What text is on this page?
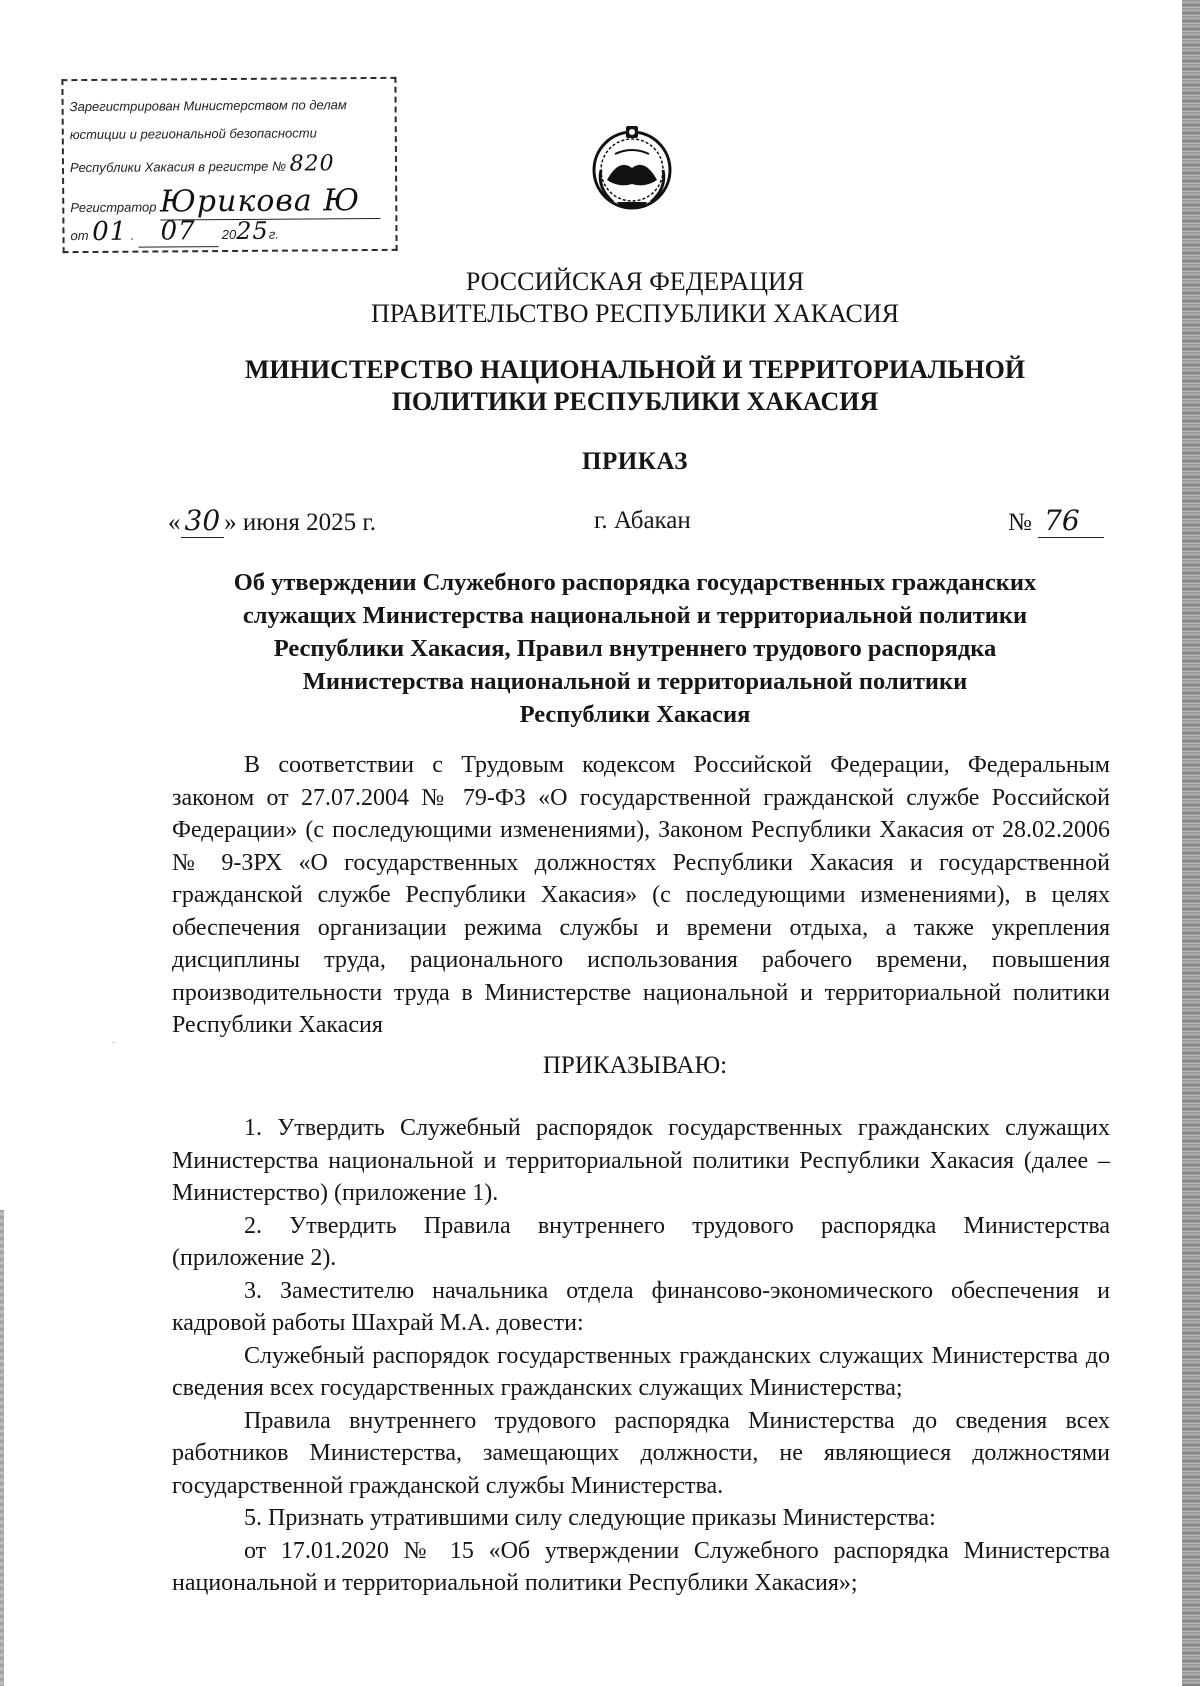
Зарегистрирован Министерством по делам
юстиции и региональной безопасности
Республики Хакасия в регистре № 820
Регистратор Юрикова Ю
от 01 . 07 2025г.
РОССИЙСКАЯ ФЕДЕРАЦИЯ
ПРАВИТЕЛЬСТВО РЕСПУБЛИКИ ХАКАСИЯ
МИНИСТЕРСТВО НАЦИОНАЛЬНОЙ И ТЕРРИТОРИАЛЬНОЙ
ПОЛИТИКИ РЕСПУБЛИКИ ХАКАСИЯ
ПРИКАЗ
« 30 » июня 2025 г.	г. Абакан	№ 76
Об утверждении Служебного распорядка государственных гражданских
служащих Министерства национальной и территориальной политики
Республики Хакасия, Правил внутреннего трудового распорядка
Министерства национальной и территориальной политики
Республики Хакасия

В соответствии с Трудовым кодексом Российской Федерации, Федеральным законом от 27.07.2004 № 79-ФЗ «О государственной гражданской службе Российской Федерации» (с последующими изменениями), Законом Республики Хакасия от 28.02.2006 № 9-ЗРХ «О государственных должностях Республики Хакасия и государственной гражданской службе Республики Хакасия» (с последующими изменениями), в целях обеспечения организации режима службы и времени отдыха, а также укрепления дисциплины труда, рационального использования рабочего времени, повышения производительности труда в Министерстве национальной и территориальной политики Республики Хакасия

ПРИКАЗЫВАЮ:

1. Утвердить Служебный распорядок государственных гражданских служащих Министерства национальной и территориальной политики Республики Хакасия (далее – Министерство) (приложение 1).

2. Утвердить Правила внутреннего трудового распорядка Министерства (приложение 2).

3. Заместителю начальника отдела финансово-экономического обеспечения и кадровой работы Шахрай М.А. довести:

Служебный распорядок государственных гражданских служащих Министерства до сведения всех государственных гражданских служащих Министерства;

Правила внутреннего трудового распорядка Министерства до сведения всех работников Министерства, замещающих должности, не являющиеся должностями государственной гражданской службы Министерства.

5. Признать утратившими силу следующие приказы Министерства:

от 17.01.2020 № 15 «Об утверждении Служебного распорядка Министерства национальной и территориальной политики Республики Хакасия»;
